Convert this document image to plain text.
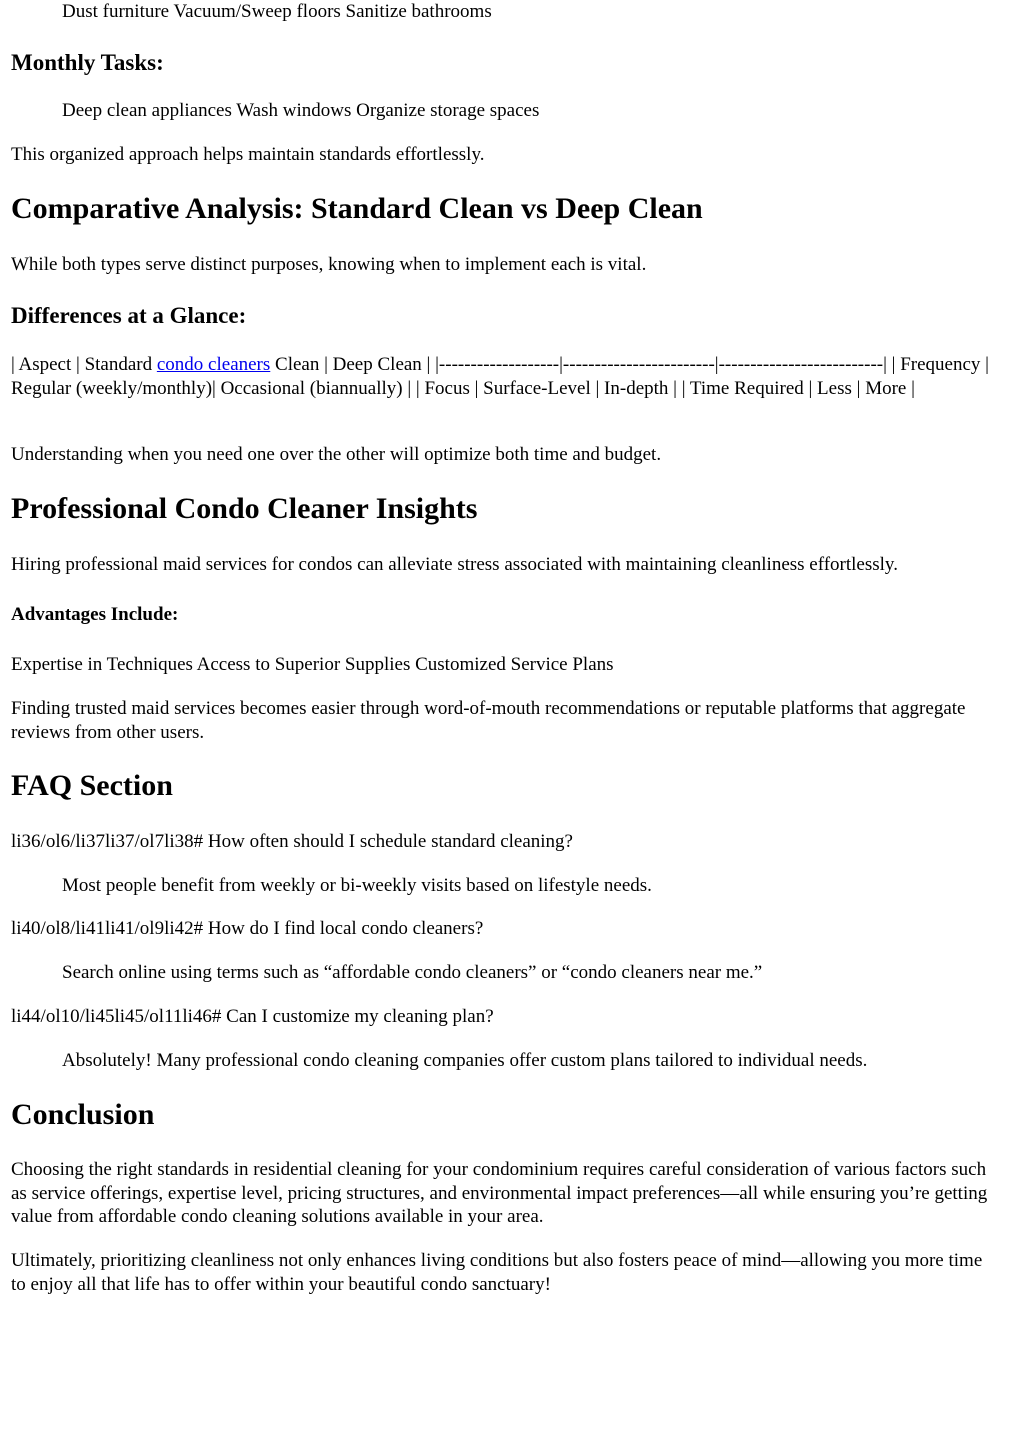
Dust furniture Vacuum/Sweep floors Sanitize bathrooms

Monthly Tasks:

Deep clean appliances Wash windows Organize storage spaces

This organized approach helps maintain standards effortlessly.

Comparative Analysis: Standard Clean vs Deep Clean

While both types serve distinct purposes, knowing when to implement each is vital.

Differences at a Glance:

| Aspect | Standard condo cleaners Clean | Deep Clean | |-------------------|------------------------|--------------------------| | Frequency | Regular (weekly/monthly)| Occasional (biannually) | | Focus | Surface-Level | In-depth | | Time Required | Less | More |

Understanding when you need one over the other will optimize both time and budget.

Professional Condo Cleaner Insights

Hiring professional maid services for condos can alleviate stress associated with maintaining cleanliness effortlessly.

Advantages Include:

Expertise in Techniques Access to Superior Supplies Customized Service Plans

Finding trusted maid services becomes easier through word-of-mouth recommendations or reputable platforms that aggregate reviews from other users.

FAQ Section

li36/ol6/li37li37/ol7li38# How often should I schedule standard cleaning?

Most people benefit from weekly or bi-weekly visits based on lifestyle needs.

li40/ol8/li41li41/ol9li42# How do I find local condo cleaners?

Search online using terms such as “affordable condo cleaners” or “condo cleaners near me.”

li44/ol10/li45li45/ol11li46# Can I customize my cleaning plan?

Absolutely! Many professional condo cleaning companies offer custom plans tailored to individual needs.

Conclusion

Choosing the right standards in residential cleaning for your condominium requires careful consideration of various factors such as service offerings, expertise level, pricing structures, and environmental impact preferences—all while ensuring you’re getting value from affordable condo cleaning solutions available in your area.

Ultimately, prioritizing cleanliness not only enhances living conditions but also fosters peace of mind—allowing you more time to enjoy all that life has to offer within your beautiful condo sanctuary!
